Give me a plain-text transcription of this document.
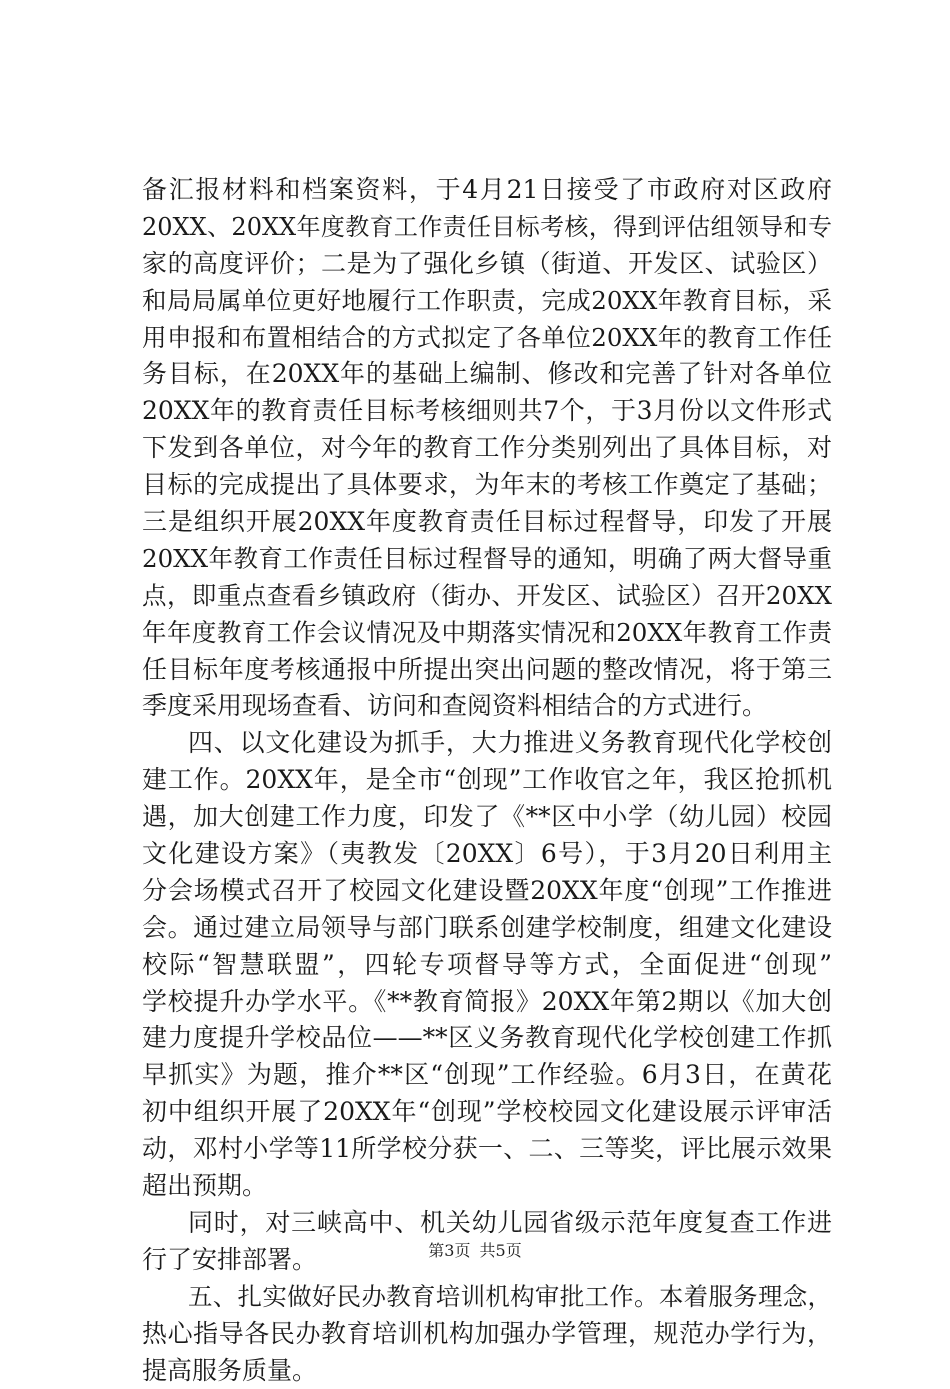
备汇报材料和档案资料，于4月21日接受了市政府对区政府
20XX、20XX年度教育工作责任目标考核，得到评估组领导和专
家的高度评价；二是为了强化乡镇（街道、开发区、试验区）
和局局属单位更好地履行工作职责，完成20XX年教育目标，采
用申报和布置相结合的方式拟定了各单位20XX年的教育工作任
务目标，在20XX年的基础上编制、修改和完善了针对各单位
20XX年的教育责任目标考核细则共7个，于3月份以文件形式
下发到各单位，对今年的教育工作分类别列出了具体目标，对
目标的完成提出了具体要求，为年末的考核工作奠定了基础；
三是组织开展20XX年度教育责任目标过程督导，印发了开展
20XX年教育工作责任目标过程督导的通知，明确了两大督导重
点，即重点查看乡镇政府（街办、开发区、试验区）召开20XX
年年度教育工作会议情况及中期落实情况和20XX年教育工作责
任目标年度考核通报中所提出突出问题的整改情况，将于第三
季度采用现场查看、访问和查阅资料相结合的方式进行。
四、以文化建设为抓手，大力推进义务教育现代化学校创
建工作。20XX年，是全市“创现”工作收官之年，我区抢抓机
遇，加大创建工作力度，印发了《**区中小学（幼儿园）校园
文化建设方案》（夷教发〔20XX〕6号），于3月20日利用主
分会场模式召开了校园文化建设暨20XX年度“创现”工作推进
会。通过建立局领导与部门联系创建学校制度，组建文化建设
校际“智慧联盟”，四轮专项督导等方式，全面促进“创现”
学校提升办学水平。《**教育简报》20XX年第2期以《加大创
建力度提升学校品位——**区义务教育现代化学校创建工作抓
早抓实》为题，推介**区“创现”工作经验。6月3日，在黄花
初中组织开展了20XX年“创现”学校校园文化建设展示评审活
动，邓村小学等11所学校分获一、二、三等奖，评比展示效果
超出预期。
同时，对三峡高中、机关幼儿园省级示范年度复查工作进
行了安排部署。
五、扎实做好民办教育培训机构审批工作。本着服务理念，
热心指导各民办教育培训机构加强办学管理，规范办学行为，
提高服务质量。
第3页 共5页
